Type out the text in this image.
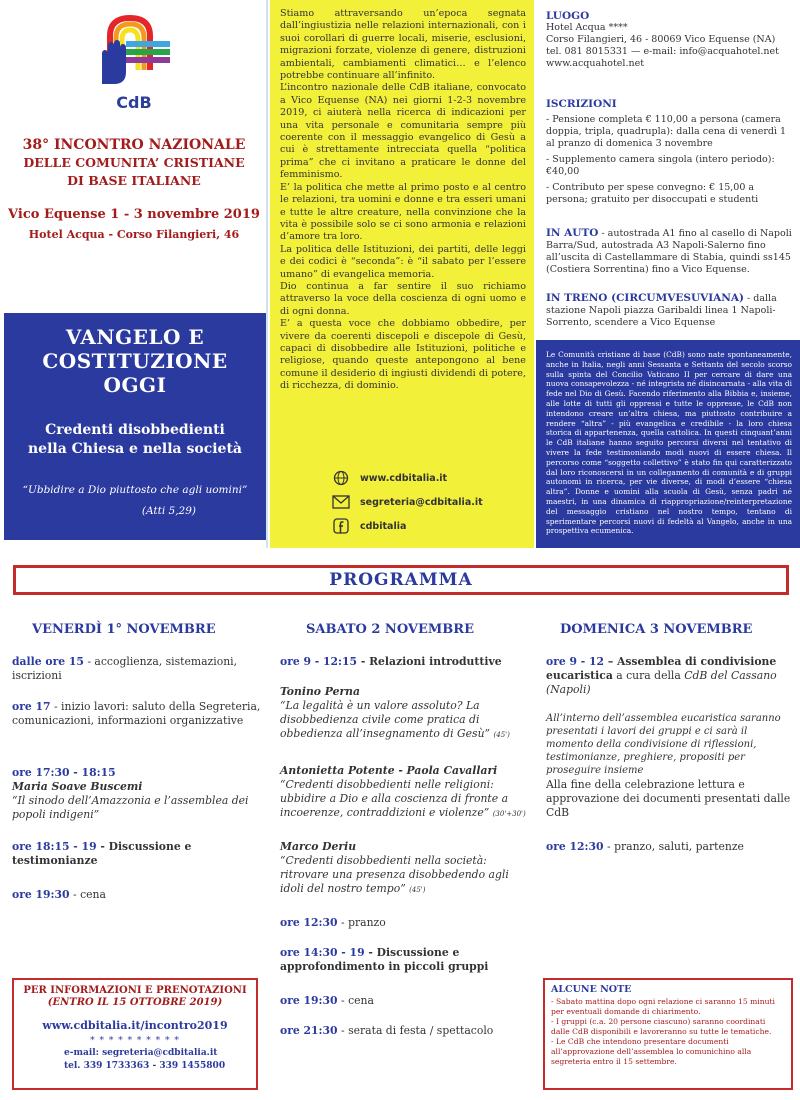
CdB
38° INCONTRO NAZIONALE
DELLE COMUNITA’ CRISTIANE
DI BASE ITALIANE
Vico Equense 1 - 3 novembre 2019
Hotel Acqua - Corso Filangieri, 46
VANGELO E
COSTITUZIONE
OGGI
Credenti disobbedienti
nella Chiesa e nella società
“Ubbidire a Dio piuttosto che agli uomini”
(Atti 5,29)

Stiamo attraversando un’epoca segnata dall’ingiustizia nelle relazioni internazionali, con i suoi corollari di guerre locali, miserie, esclusioni, migrazioni forzate, violenze di genere, distruzioni ambientali, cambiamenti climatici… e l’elenco potrebbe continuare all’infinito.

L’incontro nazionale delle CdB italiane, convocato a Vico Equense (NA) nei giorni 1-2-3 novembre 2019, ci aiuterà nella ricerca di indicazioni per una vita personale e comunitaria sempre più coerente con il messaggio evangelico di Gesù a cui è strettamente intrecciata quella “politica prima” che ci invitano a praticare le donne del femminismo.

E’ la politica che mette al primo posto e al centro le relazioni, tra uomini e donne e tra esseri umani e tutte le altre creature, nella convinzione che la vita è possibile solo se ci sono armonia e relazioni d’amore tra loro.

La politica delle Istituzioni, dei partiti, delle leggi e dei codici è “seconda”: è “il sabato per l’essere umano” di evangelica memoria.

Dio continua a far sentire il suo richiamo attraverso la voce della coscienza di ogni uomo e di ogni donna.

E’ a questa voce che dobbiamo obbedire, per vivere da coerenti discepoli e discepole di Gesù, capaci di disobbedire alle Istituzioni, politiche e religiose, quando queste antepongono al bene comune il desiderio di ingiusti dividendi di potere, di ricchezza, di dominio.

www.cdbitalia.it
segreteria@cdbitalia.it
cdbitalia
LUOGO
Hotel Acqua ****
Corso Filangieri, 46 - 80069 Vico Equense (NA)
tel. 081 8015331 — e-mail: info@acquahotel.net
www.acquahotel.net
ISCRIZIONI
- Pensione completa € 110,00 a persona (camera doppia, tripla, quadrupla): dalla cena di venerdì 1 al pranzo di domenica 3 novembre
- Supplemento camera singola (intero periodo): €40,00
- Contributo per spese convegno: € 15,00 a persona; gratuito per disoccupati e studenti
IN AUTO - autostrada A1 fino al casello di Napoli Barra/Sud, autostrada A3 Napoli-Salerno fino all’uscita di Castellammare di Stabia, quindi ss145 (Costiera Sorrentina) fino a Vico Equense.
IN TRENO (CIRCUMVESUVIANA) - dalla stazione Napoli piazza Garibaldi linea 1 Napoli-Sorrento, scendere a Vico Equense
Le Comunità cristiane di base (CdB) sono nate spontaneamente, anche in Italia, negli anni Sessanta e Settanta del secolo scorso sulla spinta del Concilio Vaticano II per cercare di dare una nuova consapevolezza - né integrista né disincarnata - alla vita di fede nel Dio di Gesù. Facendo riferimento alla Bibbia e, insieme, alle lotte di tutti gli oppressi e tutte le oppresse, le CdB non intendono creare un’altra chiesa, ma piuttosto contribuire a rendere “altra” - più evangelica e credibile - la loro chiesa storica di appartenenza, quella cattolica. In questi cinquant’anni le CdB italiane hanno seguito percorsi diversi nel tentativo di vivere la fede testimoniando modi nuovi di essere chiesa. Il percorso come “soggetto collettivo” è stato fin qui caratterizzato dal loro riconoscersi in un collegamento di comunità e di gruppi autonomi in ricerca, per vie diverse, di modi d’essere “chiesa altra”. Donne e uomini alla scuola di Gesù, senza padri né maestri, in una dinamica di riappropriazione/reinterpretazione del messaggio cristiano nel nostro tempo, tentano di sperimentare percorsi nuovi di fedeltà al Vangelo, anche in una prospettiva ecumenica.
PROGRAMMA
VENERDÌ 1° NOVEMBRE
dalle ore 15 - accoglienza, sistemazioni, iscrizioni
ore 17 - inizio lavori: saluto della Segreteria, comunicazioni, informazioni organizzative
ore 17:30 - 18:15
Maria Soave Buscemi
“Il sinodo dell’Amazzonia e l’assemblea dei popoli indigeni”
ore 18:15 - 19 - Discussione e testimonianze
ore 19:30 - cena
SABATO 2 NOVEMBRE
ore 9 - 12:15 - Relazioni introduttive
Tonino Perna
“La legalità è un valore assoluto? La disobbedienza civile come pratica di obbedienza all’insegnamento di Gesù” (45')
Antonietta Potente - Paola Cavallari
“Credenti disobbedienti nelle religioni: ubbidire a Dio e alla coscienza di fronte a incoerenze, contraddizioni e violenze” (30'+30')
Marco Deriu
“Credenti disobbedienti nella società: ritrovare una presenza disobbedendo agli idoli del nostro tempo” (45')
ore 12:30 - pranzo
ore 14:30 - 19 - Discussione e approfondimento in piccoli gruppi
ore 19:30 - cena
ore 21:30 - serata di festa / spettacolo
DOMENICA 3 NOVEMBRE
ore 9 - 12 – Assemblea di condivisione eucaristica a cura della CdB del Cassano (Napoli)
All’interno dell’assemblea eucaristica saranno presentati i lavori dei gruppi e ci sarà il momento della condivisione di riflessioni, testimonianze, preghiere, propositi per proseguire insieme
Alla fine della celebrazione lettura e approvazione dei documenti presentati dalle CdB
ore 12:30 - pranzo, saluti, partenze
PER INFORMAZIONI E PRENOTAZIONI
(ENTRO IL 15 OTTOBRE 2019)
www.cdbitalia.it/incontro2019
* * * * * * * * * *
e-mail: segreteria@cdbitalia.it
tel. 339 1733363 - 339 1455800
ALCUNE NOTE
- Sabato mattina dopo ogni relazione ci saranno 15 minuti per eventuali domande di chiarimento.
- I gruppi (c.a. 20 persone ciascuno) saranno coordinati dalle CdB disponibili e lavoreranno su tutte le tematiche.
- Le CdB che intendono presentare documenti all’approvazione dell’assemblea lo comunichino alla segreteria entro il 15 settembre.
